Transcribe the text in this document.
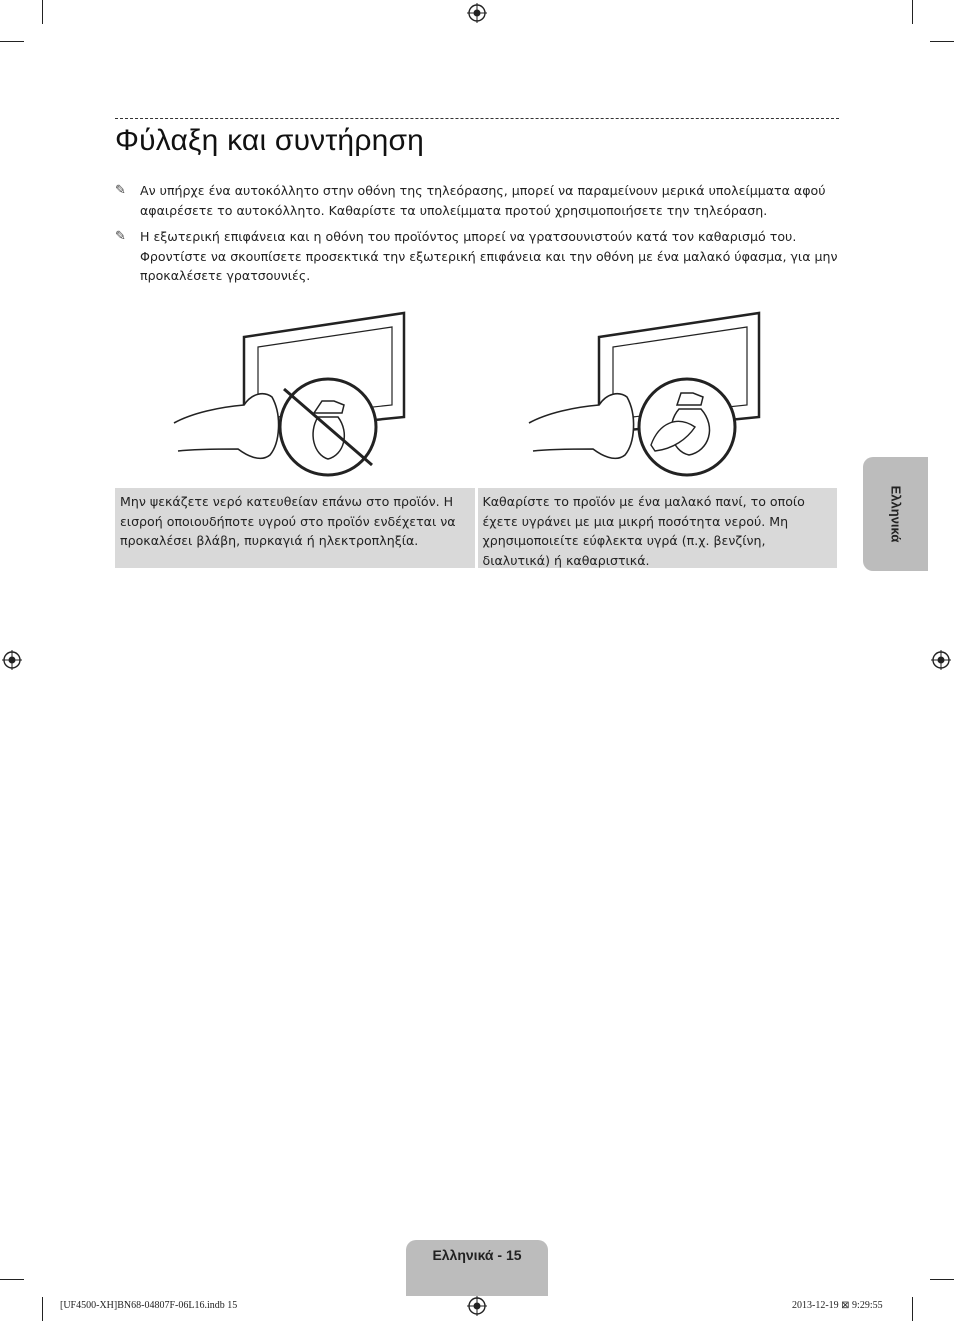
Φύλαξη και συντήρηση
✎	Αν υπήρχε ένα αυτοκόλλητο στην οθόνη της τηλεόρασης, μπορεί να παραμείνουν μερικά υπολείμματα αφού αφαιρέσετε το αυτοκόλλητο. Καθαρίστε τα υπολείμματα προτού χρησιμοποιήσετε την τηλεόραση.
✎	Η εξωτερική επιφάνεια και η οθόνη του προϊόντος μπορεί να γρατσουνιστούν κατά τον καθαρισμό του. Φροντίστε να σκουπίσετε προσεκτικά την εξωτερική επιφάνεια και την οθόνη με ένα μαλακό ύφασμα, για μην προκαλέσετε γρατσουνιές.
Μην ψεκάζετε νερό κατευθείαν επάνω στο προϊόν. Η εισροή οποιουδήποτε υγρού στο προϊόν ενδέχεται να προκαλέσει βλάβη, πυρκαγιά ή ηλεκτροπληξία.
Καθαρίστε το προϊόν με ένα μαλακό πανί, το οποίο έχετε υγράνει με μια μικρή ποσότητα νερού. Μη χρησιμοποιείτε εύφλεκτα υγρά (π.χ. βενζίνη, διαλυτικά) ή καθαριστικά.
Ελληνικά
Ελληνικά - 15
[UF4500-XH]BN68-04807F-06L16.indb 15	2013-12-19 ⊠ 9:29:55
